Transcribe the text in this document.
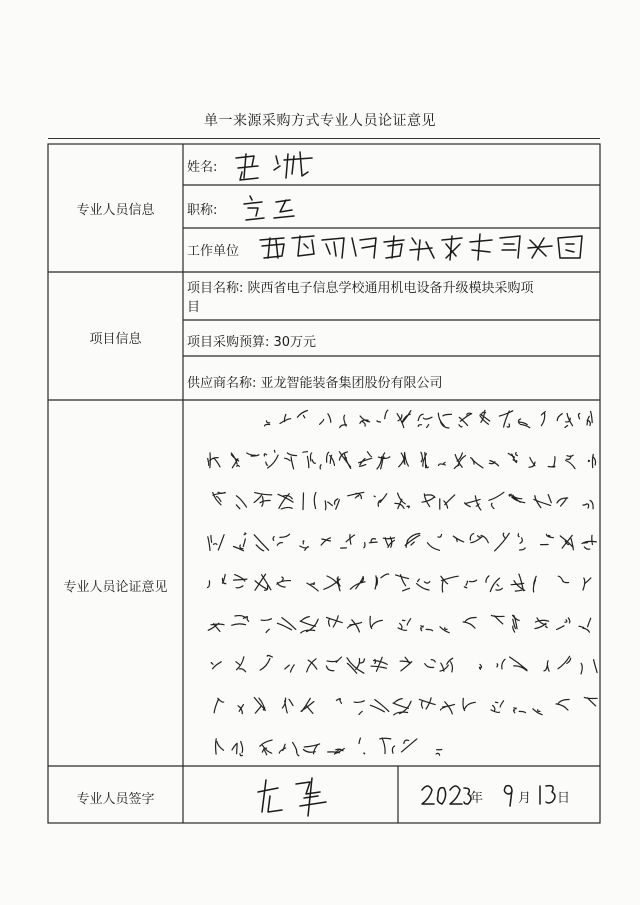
单一来源采购方式专业人员论证意见
专业人员信息
项目信息
专业人员论证意见
专业人员签字
姓名:
职称:
工作单位
项目名称: 陕西省电子信息学校通用机电设备升级模块采购项
目
项目采购预算: 30万元
供应商名称: 亚龙智能装备集团股份有限公司
年	月 日
